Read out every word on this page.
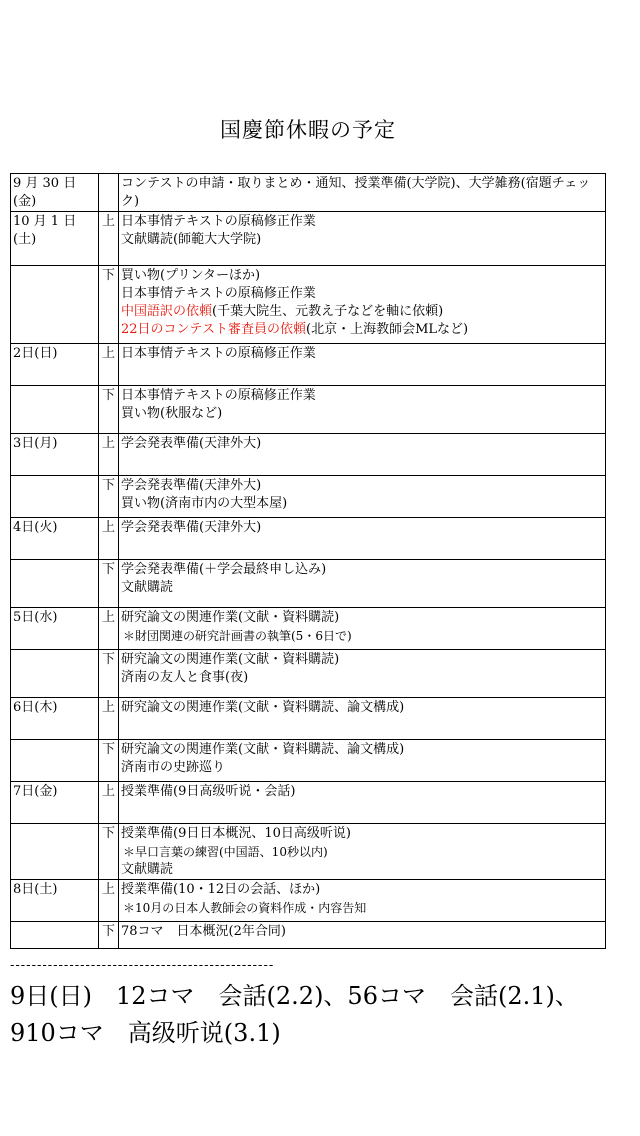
国慶節休暇の予定
9 月 30 日(金)		コンテストの申請・取りまとめ・通知、授業準備(大学院)、大学雑務(宿題チェック)

10 月 1 日(土)	上	日本事情テキストの原稿修正作業
文献購読(師範大大学院)

	下	買い物(プリンターほか)
日本事情テキストの原稿修正作業
中国語訳の依頼(千葉大院生、元教え子などを軸に依頼)
22日のコンテスト審査員の依頼(北京・上海教師会MLなど)

2日(日)	上	日本事情テキストの原稿修正作業

	下	日本事情テキストの原稿修正作業
買い物(秋服など)

3日(月)	上	学会発表準備(天津外大)

	下	学会発表準備(天津外大)
買い物(済南市内の大型本屋)

4日(火)	上	学会発表準備(天津外大)

	下	学会発表準備(＋学会最終申し込み)
文献購読

5日(水)	上	研究論文の関連作業(文献・資料購読)
＊財団関連の研究計画書の執筆(5・6日で)

	下	研究論文の関連作業(文献・資料購読)
済南の友人と食事(夜)

6日(木)	上	研究論文の関連作業(文献・資料購読、論文構成)

	下	研究論文の関連作業(文献・資料購読、論文構成)
済南市の史跡巡り

7日(金)	上	授業準備(9日高级听说・会話)

	下	授業準備(9日日本概況、10日高级听说)
＊早口言葉の練習(中国語、10秒以内)
文献購読

8日(土)	上	授業準備(10・12日の会話、ほか)
＊10月の日本人教師会の資料作成・内容告知

	下	78コマ　日本概況(2年合同)
-------------------------------------------------
9日(日)　12コマ　会話(2.2)、56コマ　会話(2.1)、910コマ　高级听说(3.1)
